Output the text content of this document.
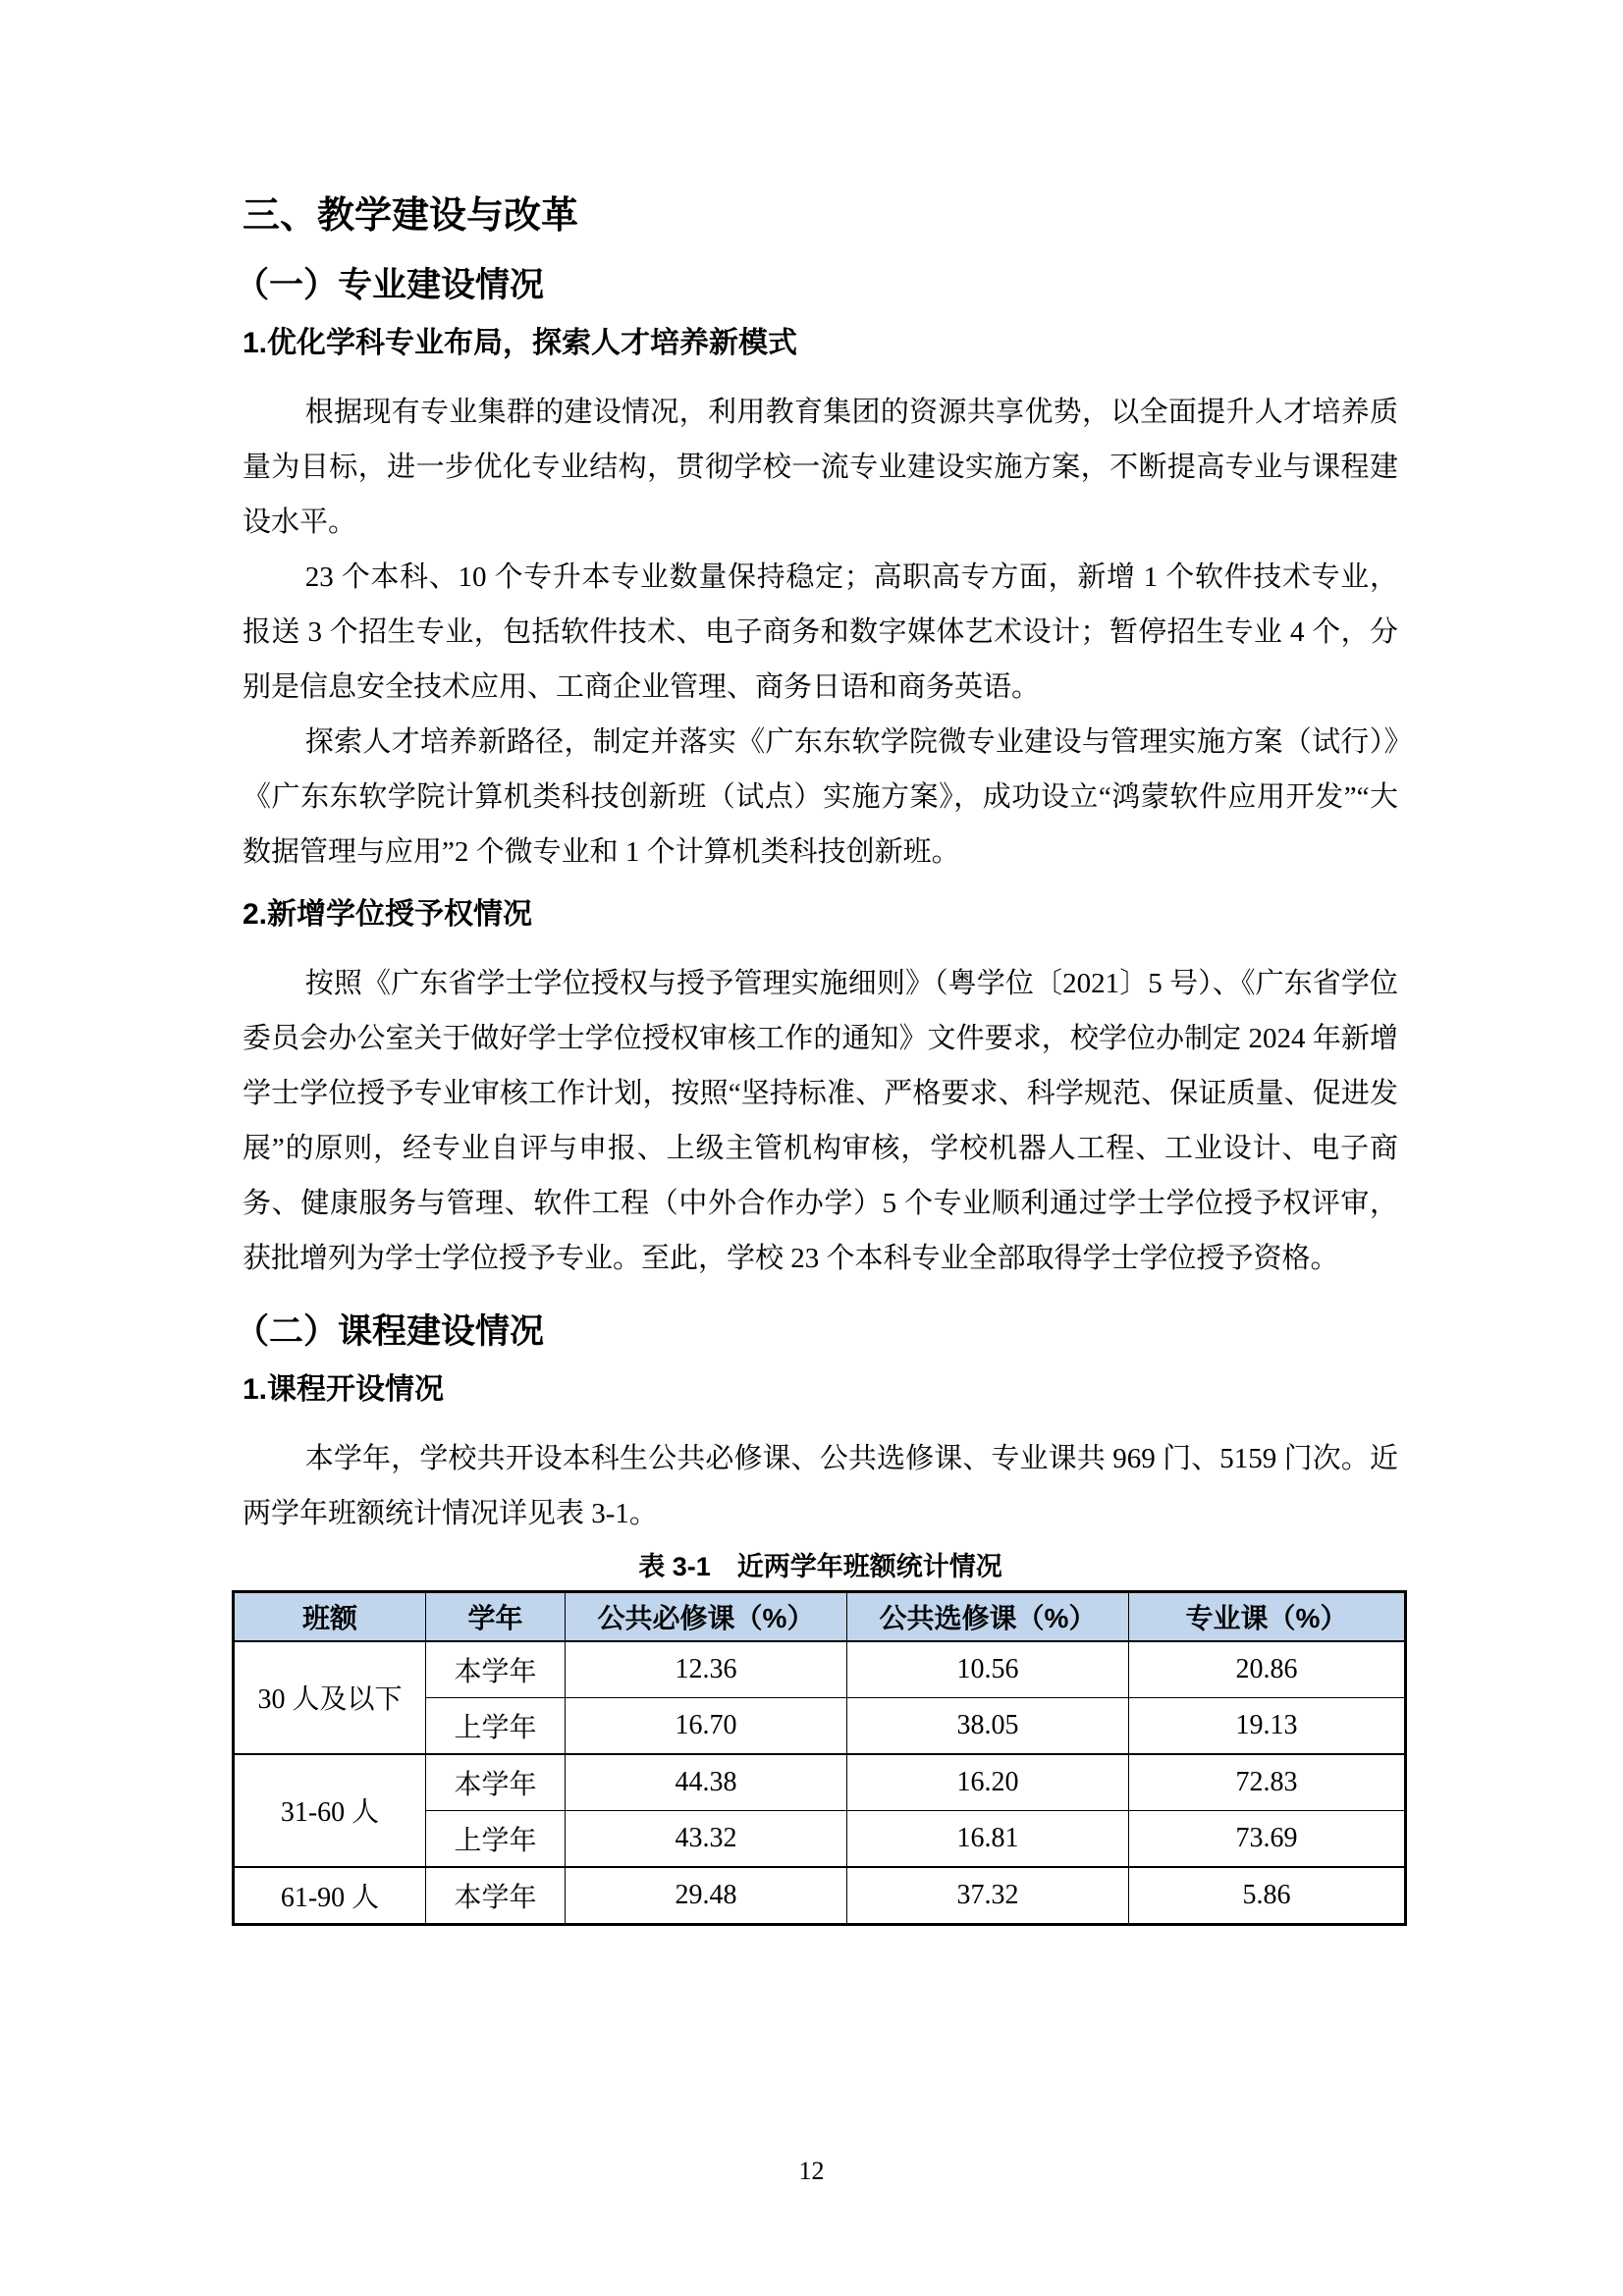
三、教学建设与改革
（一）专业建设情况
1.优化学科专业布局，探索人才培养新模式

根据现有专业集群的建设情况，利用教育集团的资源共享优势，以全面提升人才培养质量为目标，进一步优化专业结构，贯彻学校一流专业建设实施方案，不断提高专业与课程建设水平。

23 个本科、10 个专升本专业数量保持稳定；高职高专方面，新增 1 个软件技术专业，报送 3 个招生专业，包括软件技术、电子商务和数字媒体艺术设计；暂停招生专业 4 个，分别是信息安全技术应用、工商企业管理、商务日语和商务英语。

探索人才培养新路径，制定并落实《广东东软学院微专业建设与管理实施方案（试行）》《广东东软学院计算机类科技创新班（试点）实施方案》，成功设立“鸿蒙软件应用开发”“大数据管理与应用”2 个微专业和 1 个计算机类科技创新班。

2.新增学位授予权情况

按照《广东省学士学位授权与授予管理实施细则》（粤学位〔2021〕5 号）、《广东省学位委员会办公室关于做好学士学位授权审核工作的通知》文件要求，校学位办制定 2024 年新增学士学位授予专业审核工作计划，按照“坚持标准、严格要求、科学规范、保证质量、促进发展”的原则，经专业自评与申报、上级主管机构审核，学校机器人工程、工业设计、电子商务、健康服务与管理、软件工程（中外合作办学）5 个专业顺利通过学士学位授予权评审，获批增列为学士学位授予专业。至此，学校 23 个本科专业全部取得学士学位授予资格。

（二）课程建设情况
1.课程开设情况

本学年，学校共开设本科生公共必修课、公共选修课、专业课共 969 门、5159 门次。近两学年班额统计情况详见表 3-1。

表 3-1　近两学年班额统计情况
班额	学年	公共必修课（%）	公共选修课（%）	专业课（%）
30 人及以下	本学年	12.36	10.56	20.86
	上学年	16.70	38.05	19.13
31-60 人	本学年	44.38	16.20	72.83
	上学年	43.32	16.81	73.69
61-90 人	本学年	29.48	37.32	5.86
12
